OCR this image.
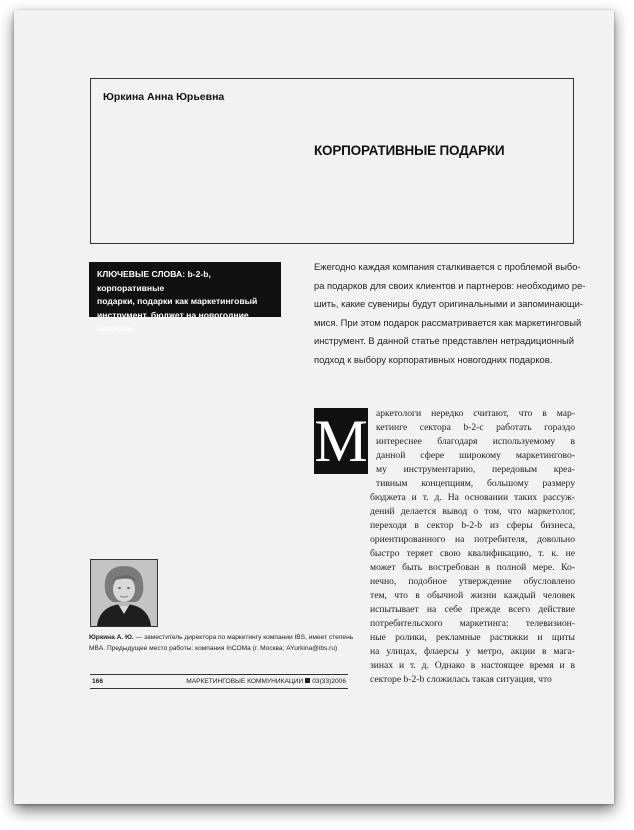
Юркина Анна Юрьевна
КОРПОРАТИВНЫЕ ПОДАРКИ
КЛЮЧЕВЫЕ СЛОВА: b-2-b, корпоративные
подарки, подарки как маркетинговый
инструмент, бюджет на новогодние подарки
Ежегодно каждая компания сталкивается с проблемой выбо-
ра подарков для своих клиентов и партнеров: необходимо ре-
шить, какие сувениры будут оригинальными и запоминающи-
мися. При этом подарок рассматривается как маркетинговый
инструмент. В данной статье представлен нетрадиционный
подход к выбору корпоративных новогодних подарков.
М аркетологи нередко считают, что в мар-
кетинге сектора b-2-c работать гораздо
интереснее благодаря используемому в
данной сфере широкому маркетингово-
му инструментарию, передовым креа-
тивным концепциям, большому размеру
бюджета и т. д. На основании таких рассуж-
дений делается вывод о том, что маркетолог,
переходя в сектор b-2-b из сферы бизнеса,
ориентированного на потребителя, довольно
быстро теряет свою квалификацию, т. к. не
может быть востребован в полной мере. Ко-
нечно, подобное утверждение обусловлено
тем, что в обычной жизни каждый человек
испытывает на себе прежде всего действие
потребительского маркетинга: телевизион-
ные ролики, рекламные растяжки и щиты
на улицах, флаерсы у метро, акции в мага-
зинах и т. д. Однако в настоящее время и в
секторе b-2-b сложилась такая ситуация, что
Юркина А. Ю. — заместитель директора по маркетингу компании IBS, имеет степень
MBA. Предыдущее место работы: компания InCOMa (г. Москва; AYurkina@ibs.ru)
166	МАРКЕТИНГОВЫЕ КОММУНИКАЦИИ 03(33)2006
